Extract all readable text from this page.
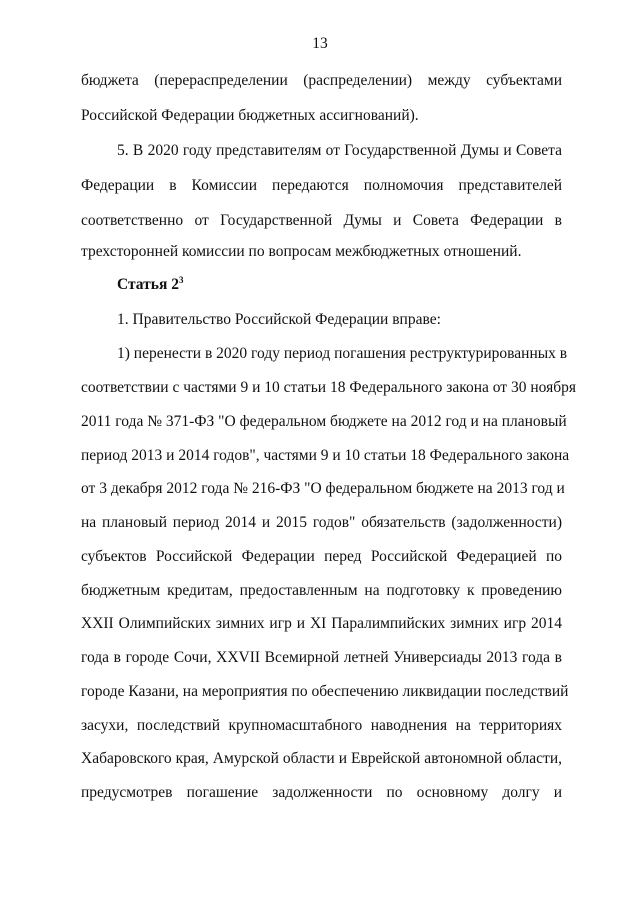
13
бюджета (перераспределении (распределении) между субъектами
Российской Федерации бюджетных ассигнований).
5. В 2020 году представителям от Государственной Думы и Совета
Федерации в Комиссии передаются полномочия представителей
соответственно от Государственной Думы и Совета Федерации в
трехсторонней комиссии по вопросам межбюджетных отношений.
Статья $2^3$
1. Правительство Российской Федерации вправе:
1) перенести в 2020 году период погашения реструктурированных в
соответствии с частями 9 и 10 статьи 18 Федерального закона от 30 ноября
2011 года № 371-ФЗ "О федеральном бюджете на 2012 год и на плановый
период 2013 и 2014 годов", частями 9 и 10 статьи 18 Федерального закона
от 3 декабря 2012 года № 216-ФЗ "О федеральном бюджете на 2013 год и
на плановый период 2014 и 2015 годов" обязательств (задолженности)
субъектов Российской Федерации перед Российской Федерацией по
бюджетным кредитам, предоставленным на подготовку к проведению
XXII Олимпийских зимних игр и XI Паралимпийских зимних игр 2014
года в городе Сочи, XXVII Всемирной летней Универсиады 2013 года в
городе Казани, на мероприятия по обеспечению ликвидации последствий
засухи, последствий крупномасштабного наводнения на территориях
Хабаровского края, Амурской области и Еврейской автономной области,
предусмотрев погашение задолженности по основному долгу и
